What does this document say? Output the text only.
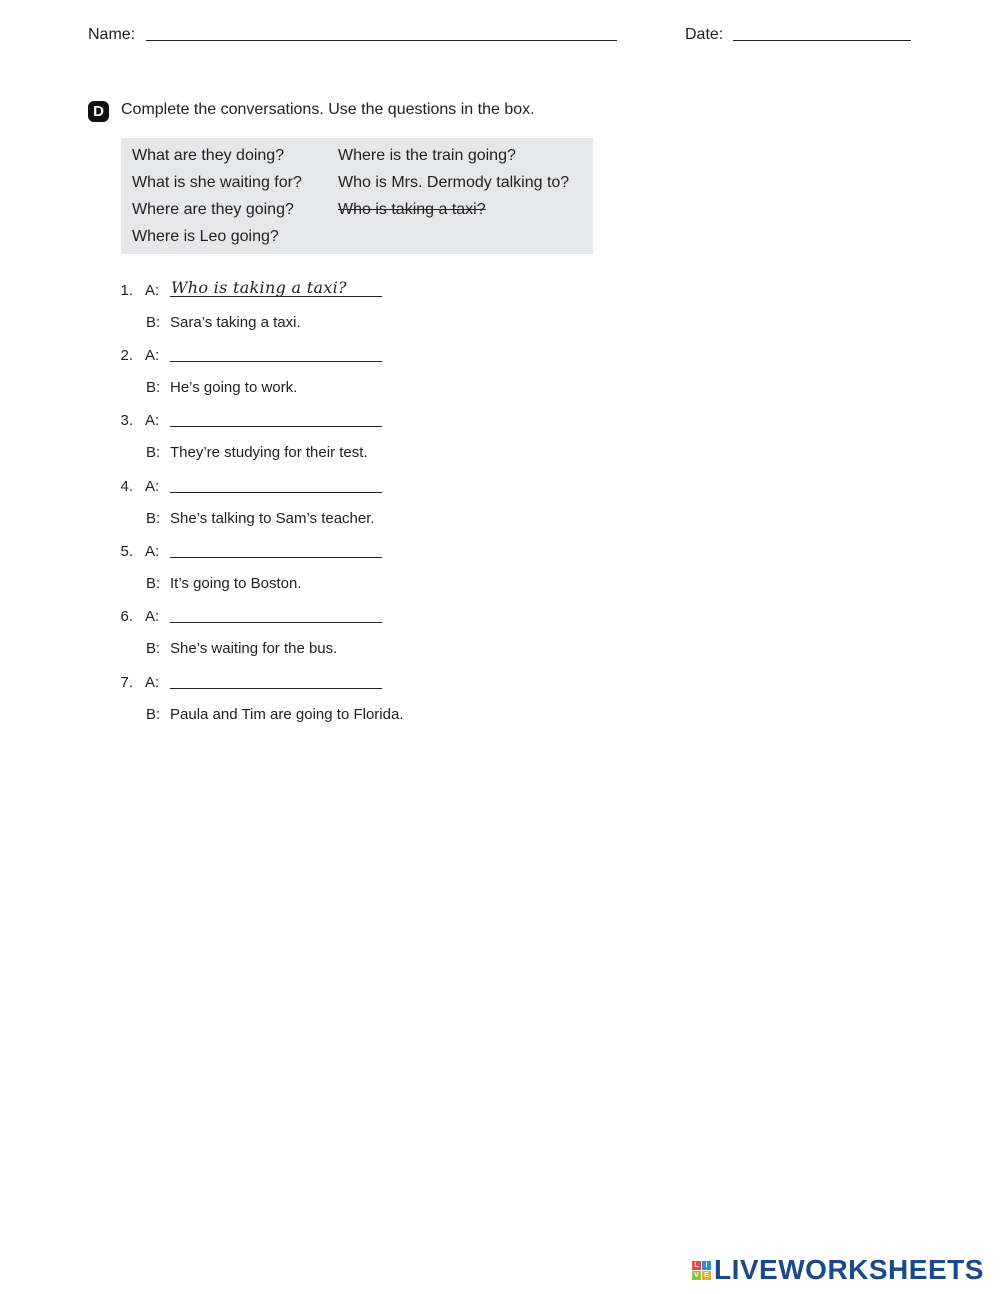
Name:	Date:
D	Complete the conversations. Use the questions in the box.
What are they doing?
What is she waiting for?
Where are they going?
Where is Leo going?
Where is the train going?
Who is Mrs. Dermody talking to?
Who is taking a taxi?
1. A: Who is taking a taxi?
B: Sara’s taking a taxi.
2. A:
B: He’s going to work.
3. A:
B: They’re studying for their test.
4. A:
B: She’s talking to Sam’s teacher.
5. A:
B: It’s going to Boston.
6. A:
B: She’s waiting for the bus.
7. A:
B: Paula and Tim are going to Florida.
L I
V E LIVEWORKSHEETS
